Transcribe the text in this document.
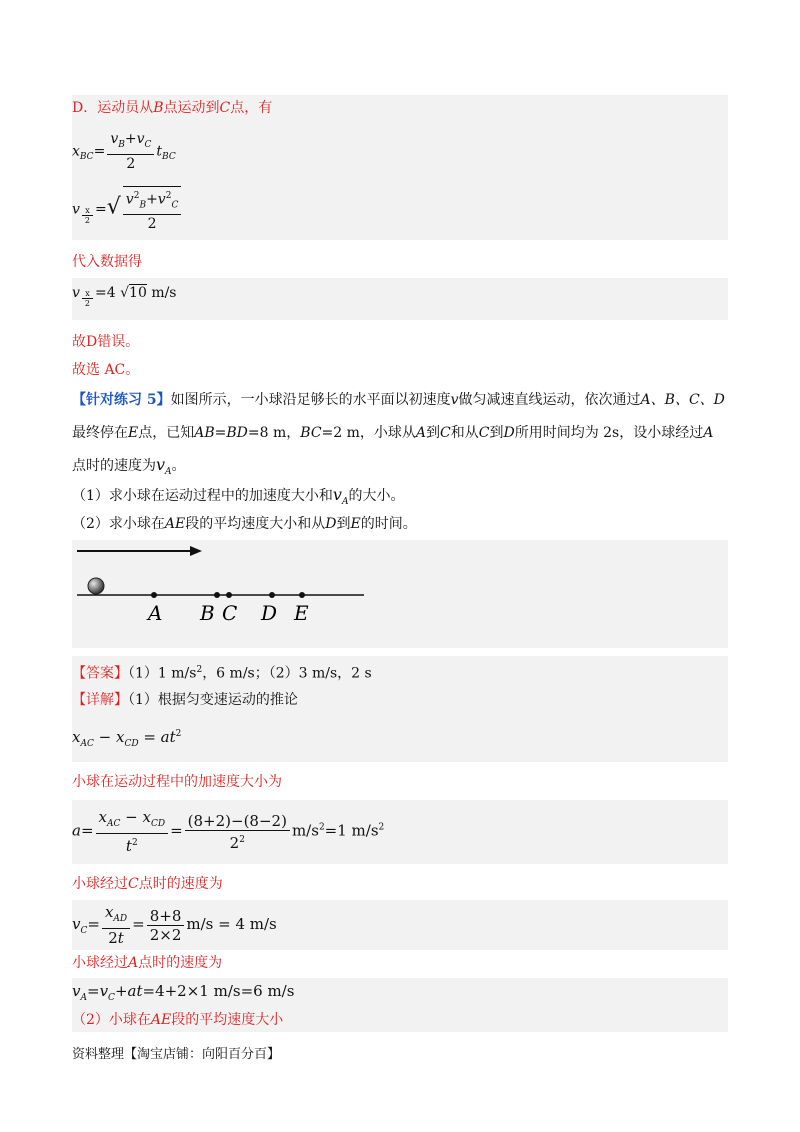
D．运动员从B点运动到C点，有
$x_{BC}= \frac{v_B+v_C}{2} t_{BC}$
v $_{\frac{x}{2}}$ =√ $\frac{v^2_B+v^2_C}{2}$
代入数据得
v $_{\frac{x}{2}}$ =4 √10 m/s
故D错误。
故选 AC。
【针对练习 5】如图所示，一小球沿足够长的水平面以初速度v做匀减速直线运动，依次通过A、B、C、D
最终停在E点，已知AB=BD=8 m，BC=2 m，小球从A到C和从C到D所用时间均为 2s，设小球经过A
点时的速度为$v_A$。
（1）求小球在运动过程中的加速度大小和$v_A$的大小。
（2）求小球在AE段的平均速度大小和从D到E的时间。
A B C D E
【答案】（1）1 $m/s^2$，6 m/s；（2）3 m/s，2 s
【详解】（1）根据匀变速运动的推论
$x_{AC} - x_{CD} = at^2$
小球在运动过程中的加速度大小为
$a= \frac{x_{AC} - x_{CD}}{t^2} = \frac{(8+2)-(8-2)}{2^2} m/s^2=1$ $m/s^2$
小球经过C点时的速度为
$v_C= \frac{x_{AD}}{2t} = \frac{8+8}{2\times 2} m/s = 4$ m/s
小球经过A点时的速度为
$v_A=v_C+at=4+2\times 1$ m/s=6 m/s
（2）小球在AE段的平均速度大小
资料整理【淘宝店铺：向阳百分百】
